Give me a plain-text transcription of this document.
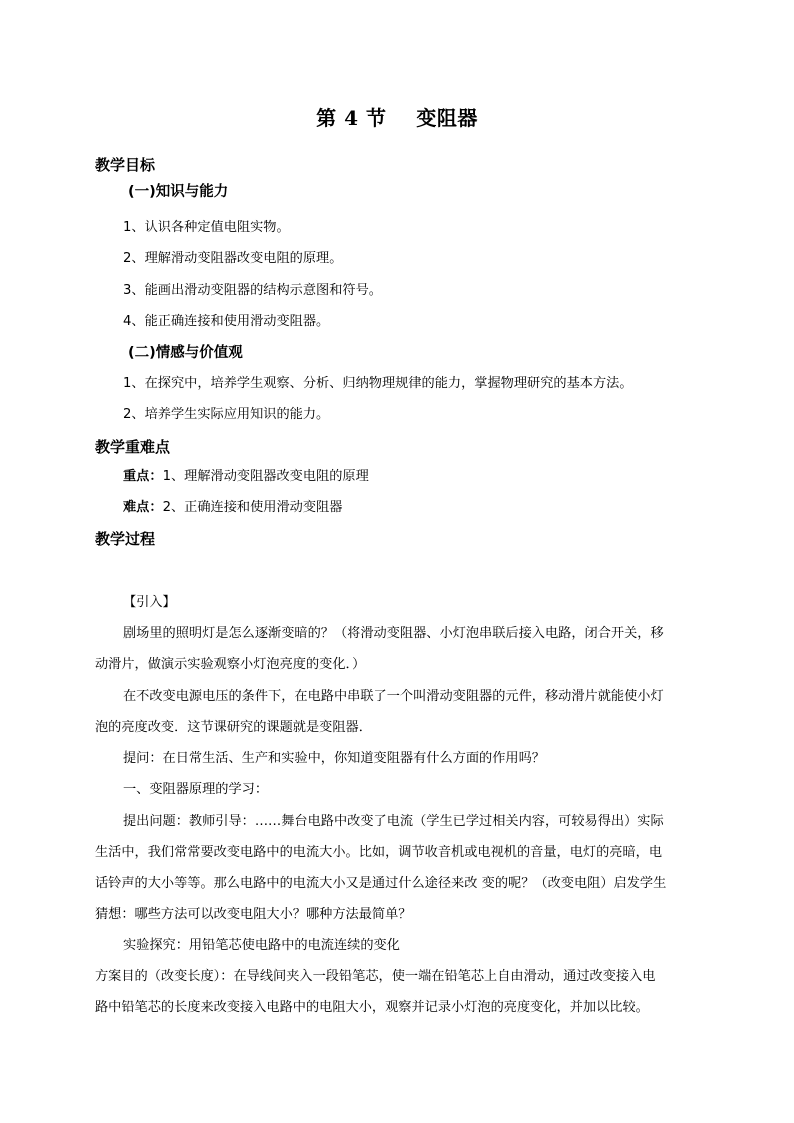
第 4 节    变阻器
教学目标
(一)知识与能力
1、认识各种定值电阻实物。
2、理解滑动变阻器改变电阻的原理。
3、能画出滑动变阻器的结构示意图和符号。
4、能正确连接和使用滑动变阻器。
(二)情感与价值观
1、在探究中，培养学生观察、分析、归纳物理规律的能力，掌握物理研究的基本方法。
2、培养学生实际应用知识的能力。
教学重难点
重点：1、理解滑动变阻器改变电阻的原理
难点：2、正确连接和使用滑动变阻器
教学过程
【引入】
剧场里的照明灯是怎么逐渐变暗的？（将滑动变阻器、小灯泡串联后接入电路，闭合开关，移
动滑片，做演示实验观察小灯泡亮度的变化．）
在不改变电源电压的条件下，在电路中串联了一个叫滑动变阻器的元件，移动滑片就能使小灯
泡的亮度改变．这节课研究的课题就是变阻器．
提问：在日常生活、生产和实验中，你知道变阻器有什么方面的作用吗？
一、变阻器原理的学习：
提出问题：教师引导：……舞台电路中改变了电流（学生已学过相关内容，可较易得出）实际
生活中，我们常常要改变电路中的电流大小。比如，调节收音机或电视机的音量，电灯的亮暗，电
话铃声的大小等等。那么电路中的电流大小又是通过什么途径来改 变的呢？（改变电阻）启发学生
猜想：哪些方法可以改变电阻大小？哪种方法最简单？
实验探究：用铅笔芯使电路中的电流连续的变化
方案目的（改变长度）：在导线间夹入一段铅笔芯，使一端在铅笔芯上自由滑动，通过改变接入电
路中铅笔芯的长度来改变接入电路中的电阻大小，观察并记录小灯泡的亮度变化，并加以比较。
